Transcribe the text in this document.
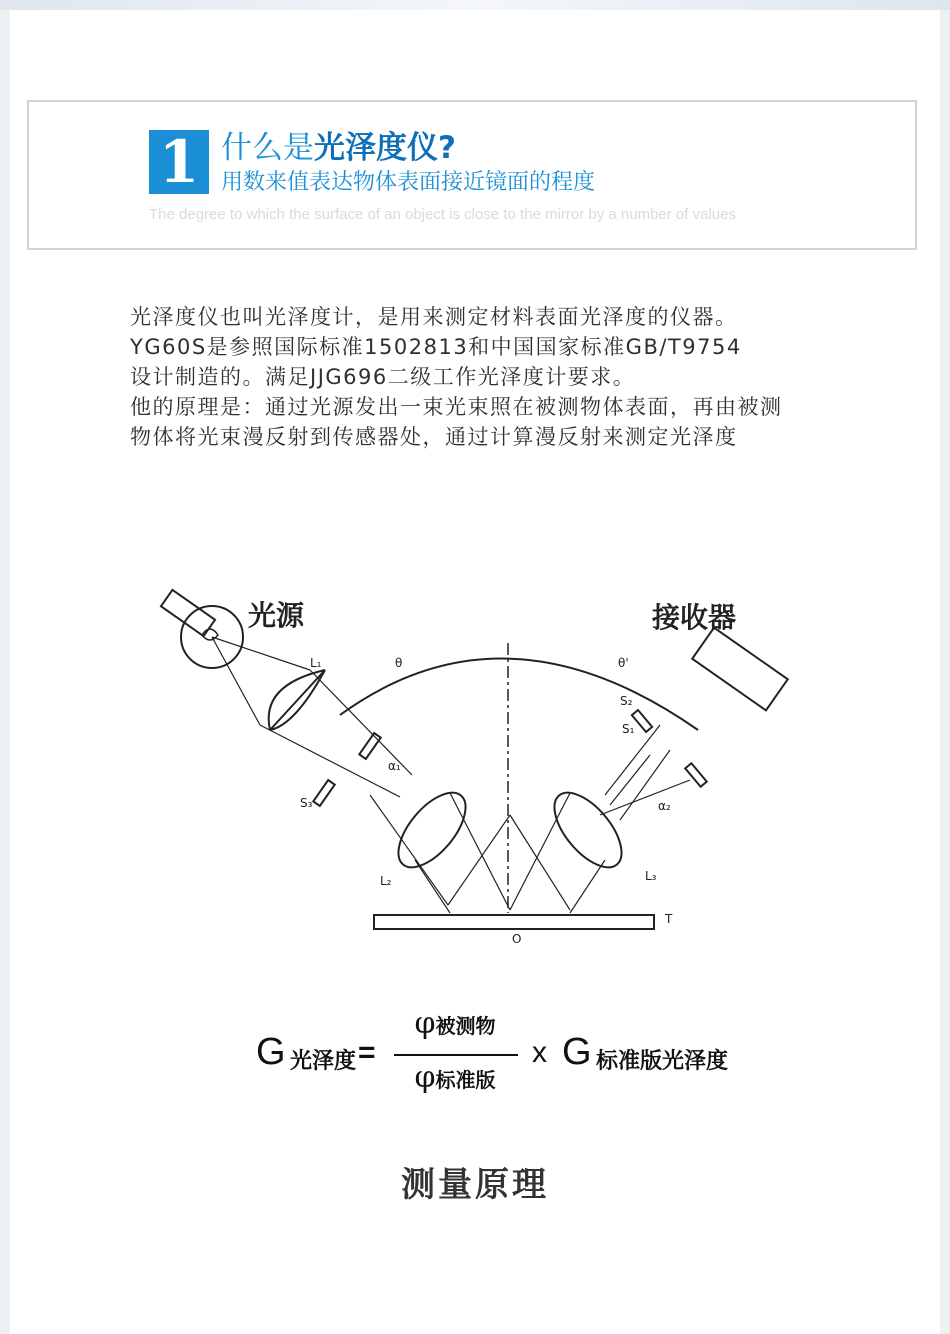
1 什么是光泽度仪?
用数来值表达物体表面接近镜面的程度
The degree to which the surface of an object is close to the mirror by a number of values

光泽度仪也叫光泽度计，是用来测定材料表面光泽度的仪器。

YG60S是参照国际标准1502813和中国国家标准GB/T9754

设计制造的。满足JJG696二级工作光泽度计要求。

他的原理是：通过光源发出一束光束照在被测物体表面，再由被测

物体将光束漫反射到传感器处，通过计算漫反射来测定光泽度

光源	接收器
L₁
L₂	L₃
S₁
S₂
S₃
θ	θ'
α₁
α₂
O
T
G 光泽度 =
φ被测物
φ标准版
x G 标准版光泽度
测量原理
